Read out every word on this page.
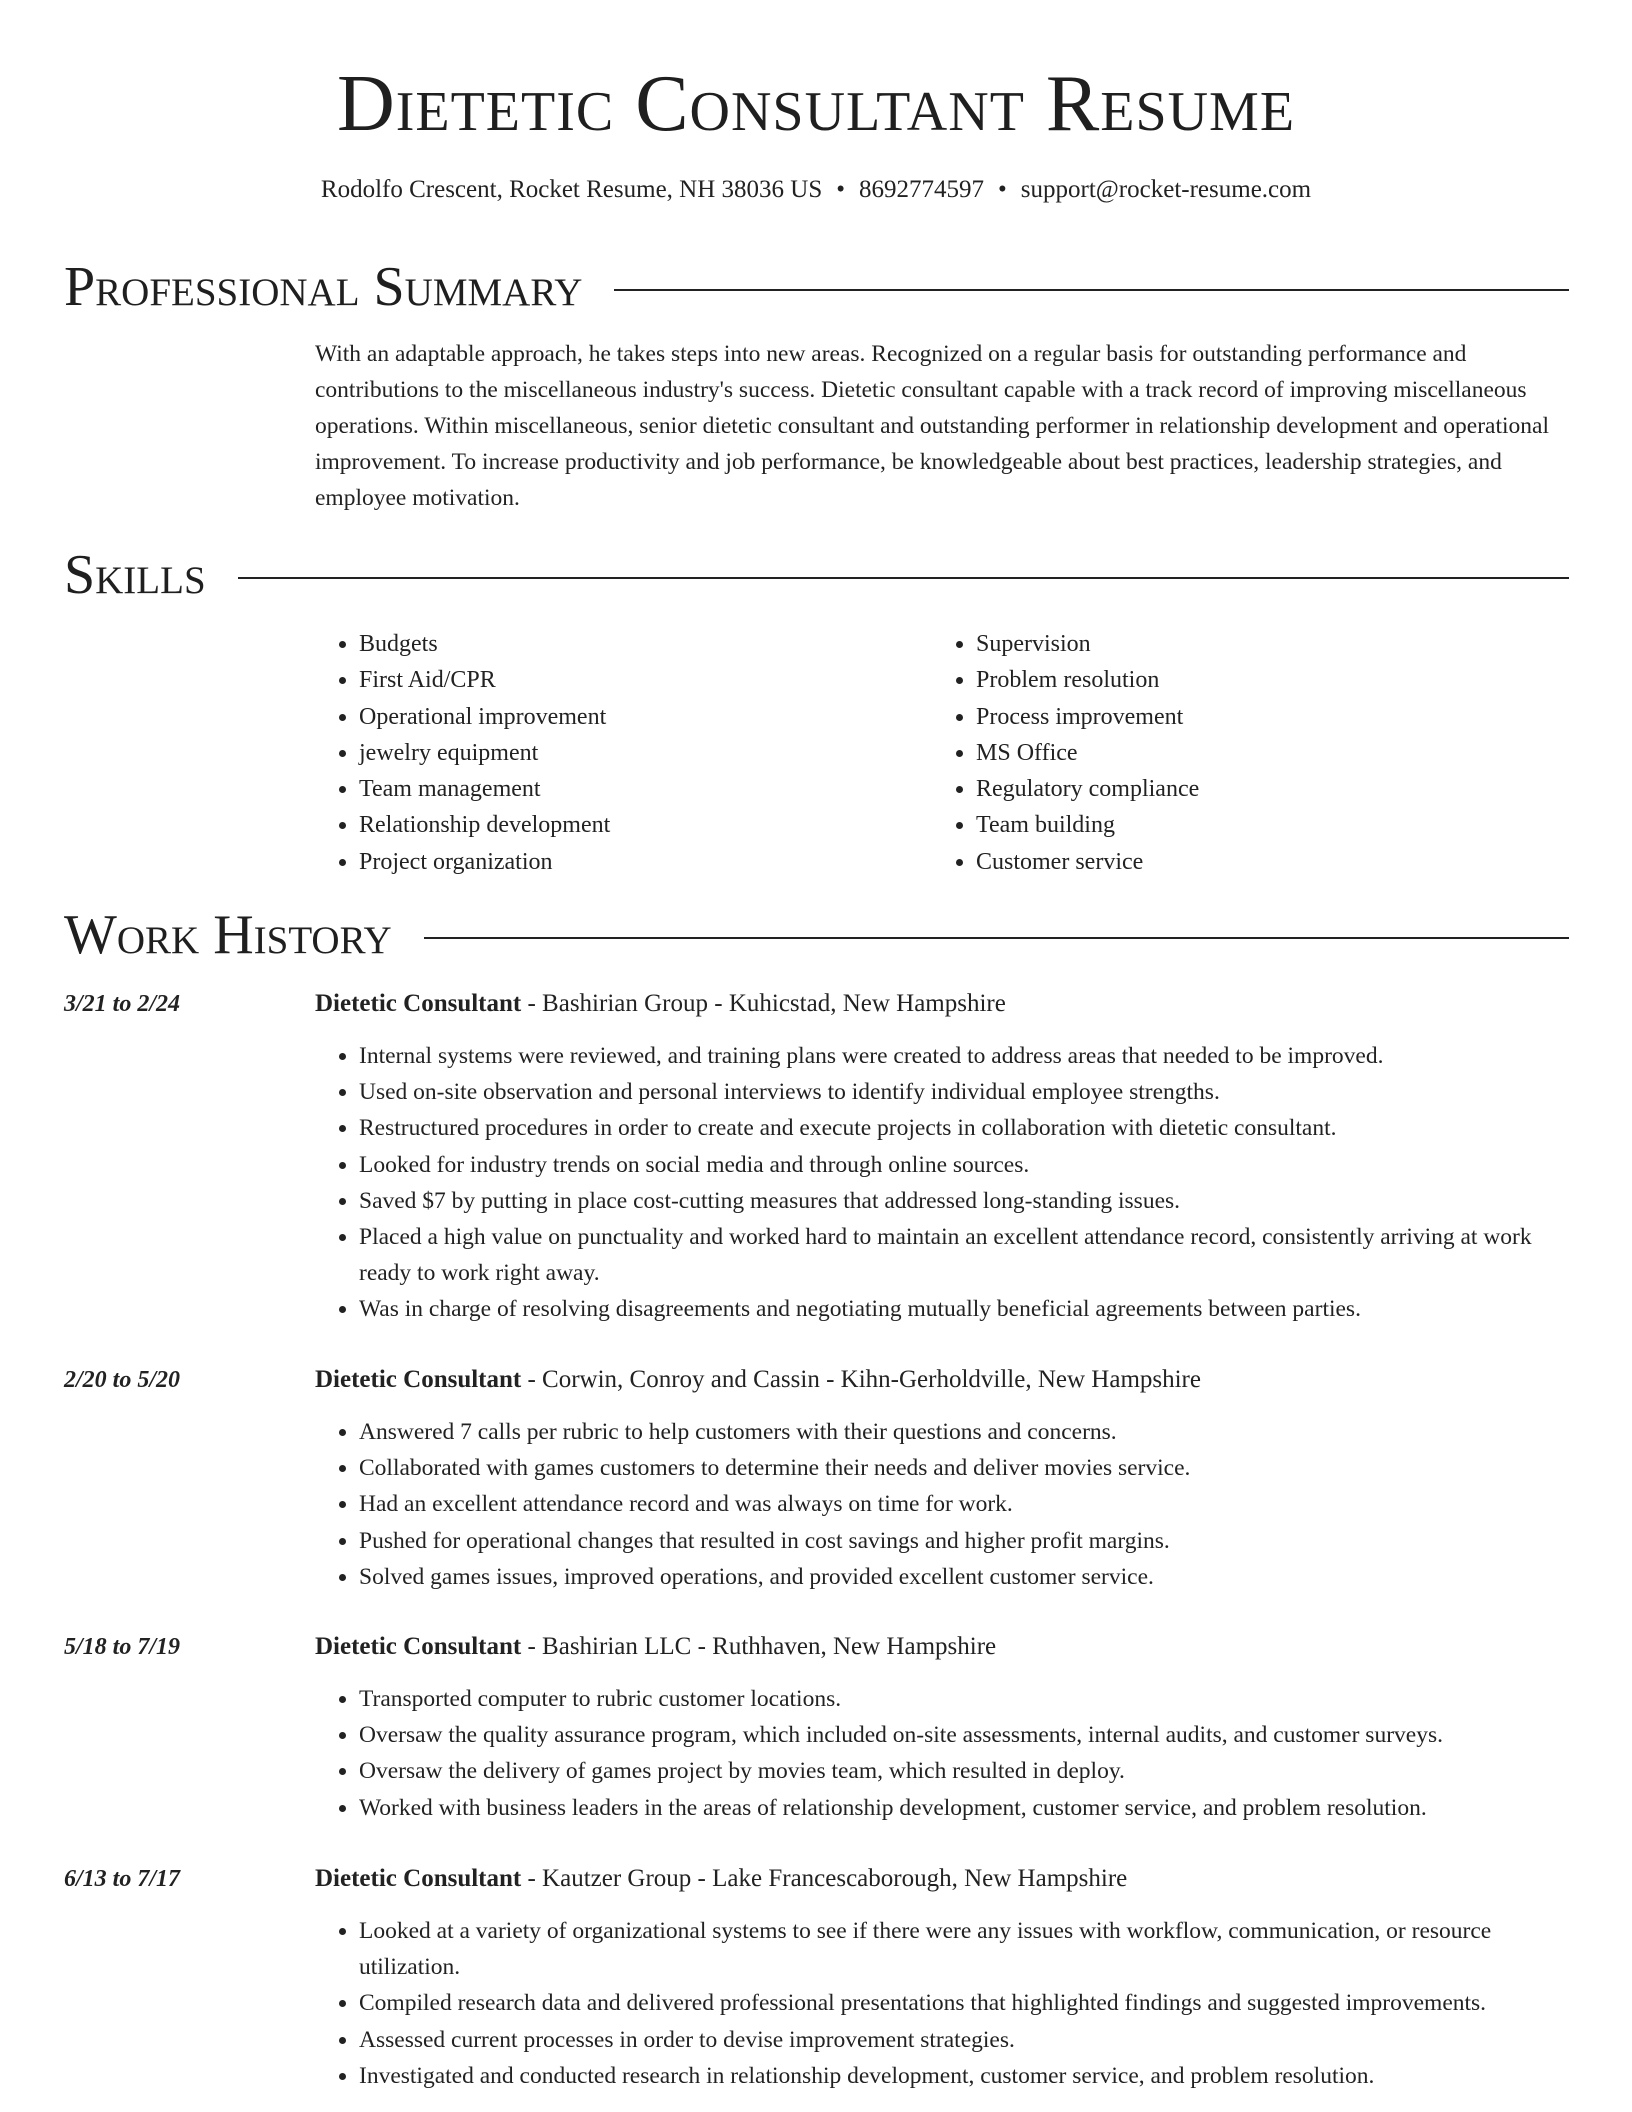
Dietetic Consultant Resume
Rodolfo Crescent, Rocket Resume, NH 38036 US • 8692774597 • support@rocket-resume.com
Professional Summary

With an adaptable approach, he takes steps into new areas. Recognized on a regular basis for outstanding performance and contributions to the miscellaneous industry's success. Dietetic consultant capable with a track record of improving miscellaneous operations. Within miscellaneous, senior dietetic consultant and outstanding performer in relationship development and operational improvement. To increase productivity and job performance, be knowledgeable about best practices, leadership strategies, and employee motivation.

Skills
• Budgets
• First Aid/CPR
• Operational improvement
• jewelry equipment
• Team management
• Relationship development
• Project organization
• Supervision
• Problem resolution
• Process improvement
• MS Office
• Regulatory compliance
• Team building
• Customer service
Work History
3/21 to 2/24	Dietetic Consultant - Bashirian Group - Kuhicstad, New Hampshire
• Internal systems were reviewed, and training plans were created to address areas that needed to be improved.
• Used on-site observation and personal interviews to identify individual employee strengths.
• Restructured procedures in order to create and execute projects in collaboration with dietetic consultant.
• Looked for industry trends on social media and through online sources.
• Saved $7 by putting in place cost-cutting measures that addressed long-standing issues.
• Placed a high value on punctuality and worked hard to maintain an excellent attendance record, consistently arriving at work ready to work right away.
• Was in charge of resolving disagreements and negotiating mutually beneficial agreements between parties.
2/20 to 5/20	Dietetic Consultant - Corwin, Conroy and Cassin - Kihn-Gerholdville, New Hampshire
• Answered 7 calls per rubric to help customers with their questions and concerns.
• Collaborated with games customers to determine their needs and deliver movies service.
• Had an excellent attendance record and was always on time for work.
• Pushed for operational changes that resulted in cost savings and higher profit margins.
• Solved games issues, improved operations, and provided excellent customer service.
5/18 to 7/19	Dietetic Consultant - Bashirian LLC - Ruthhaven, New Hampshire
• Transported computer to rubric customer locations.
• Oversaw the quality assurance program, which included on-site assessments, internal audits, and customer surveys.
• Oversaw the delivery of games project by movies team, which resulted in deploy.
• Worked with business leaders in the areas of relationship development, customer service, and problem resolution.
6/13 to 7/17	Dietetic Consultant - Kautzer Group - Lake Francescaborough, New Hampshire
• Looked at a variety of organizational systems to see if there were any issues with workflow, communication, or resource utilization.
• Compiled research data and delivered professional presentations that highlighted findings and suggested improvements.
• Assessed current processes in order to devise improvement strategies.
• Investigated and conducted research in relationship development, customer service, and problem resolution.
